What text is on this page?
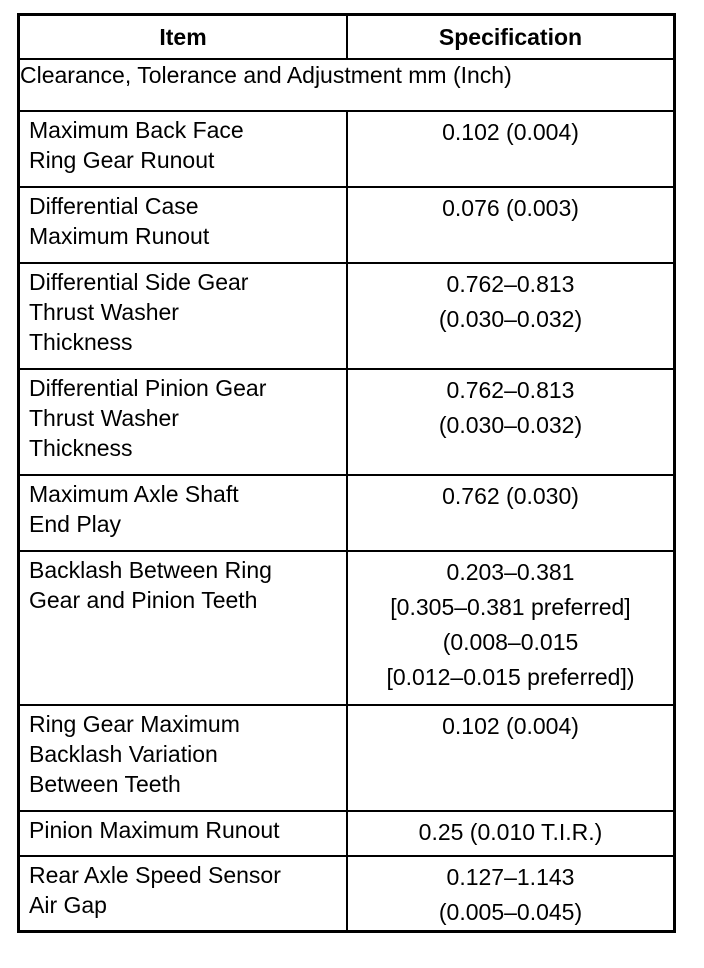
Item	Specification
Clearance, Tolerance and Adjustment mm (Inch)	

Maximum Back Face
Ring Gear Runout	0.102 (0.004)

Differential Case
Maximum Runout	0.076 (0.003)

Differential Side Gear
Thrust Washer
Thickness	0.762–0.813
(0.030–0.032)

Differential Pinion Gear
Thrust Washer
Thickness	0.762–0.813
(0.030–0.032)

Maximum Axle Shaft
End Play	0.762 (0.030)

Backlash Between Ring
Gear and Pinion Teeth	0.203–0.381
[0.305–0.381 preferred]
(0.008–0.015
[0.012–0.015 preferred])

Ring Gear Maximum
Backlash Variation
Between Teeth	0.102 (0.004)

Pinion Maximum Runout	0.25 (0.010 T.I.R.)

Rear Axle Speed Sensor
Air Gap	0.127–1.143
(0.005–0.045)
